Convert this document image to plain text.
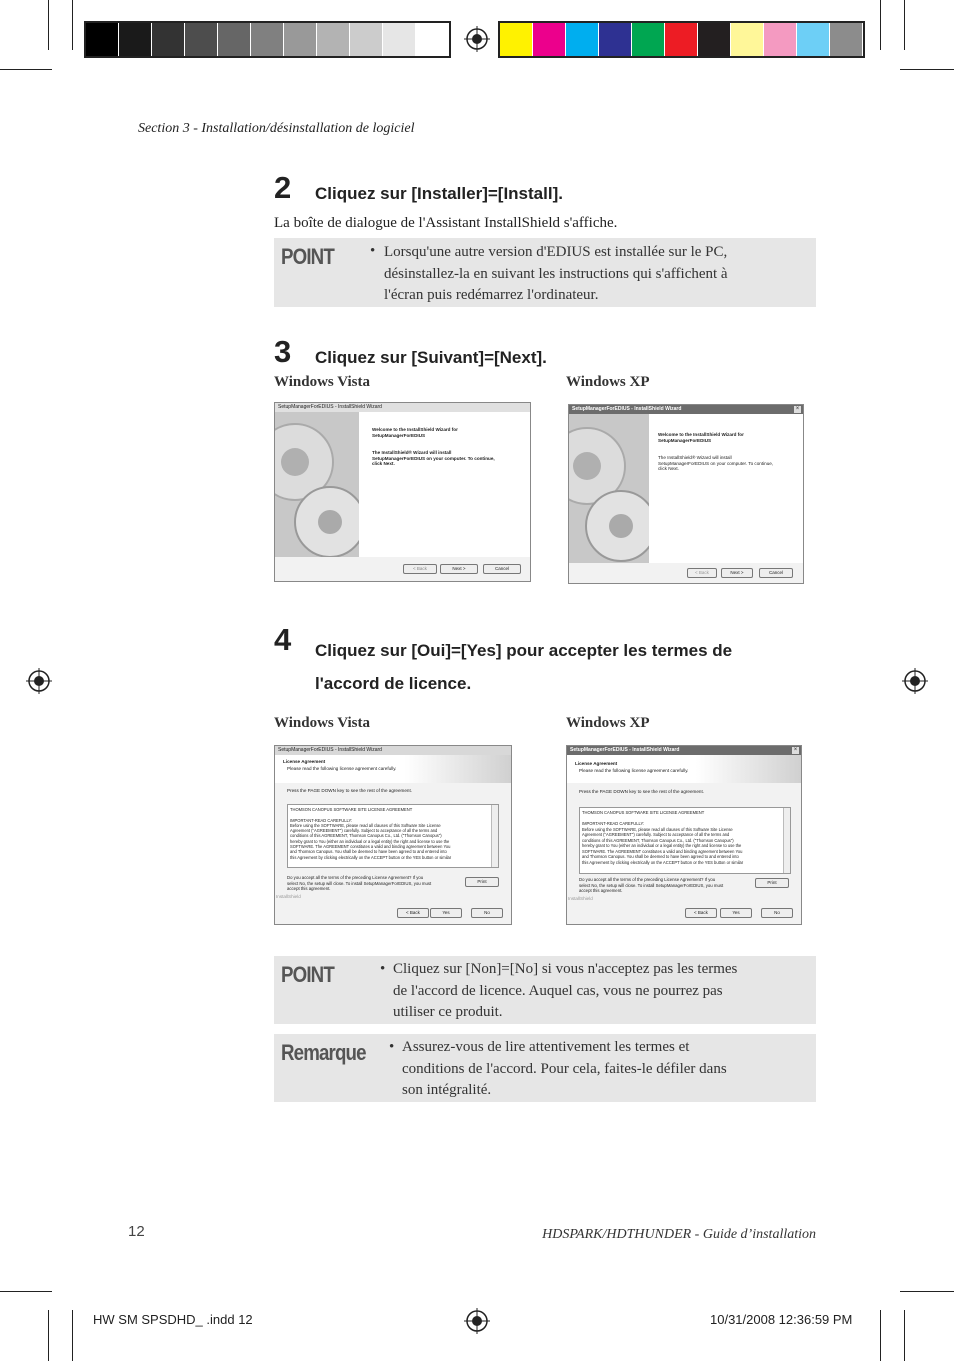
Section 3 - Installation/désinstallation de logiciel
2 Cliquez sur [Installer]=[Install].
La boîte de dialogue de l'Assistant InstallShield s'affiche.
POINT • Lorsqu'une autre version d'EDIUS est installée sur le PC,
désinstallez-la en suivant les instructions qui s'affichent à
l'écran puis redémarrez l'ordinateur.
3 Cliquez sur [Suivant]=[Next].
Windows Vista	Windows XP
SetupManagerForEDIUS - InstallShield Wizard
Welcome to the InstallShield Wizard for
SetupManagerForEDIUS
The InstallShield® Wizard will install
SetupManagerForEDIUS on your computer. To continue,
click Next.
< Back	Next >	Cancel
SetupManagerForEDIUS - InstallShield Wizard	×
Welcome to the InstallShield Wizard for
SetupManagerForEDIUS
The InstallShield® Wizard will install
SetupManagerForEDIUS on your computer. To continue,
click Next.
< Back	Next >	Cancel
4 Cliquez sur [Oui]=[Yes] pour accepter les termes de
l'accord de licence.
Windows Vista	Windows XP
SetupManagerForEDIUS - InstallShield Wizard
License Agreement
Please read the following license agreement carefully.
Press the PAGE DOWN key to see the rest of the agreement.
THOMSON CANOPUS SOFTWARE SITE LICENSE AGREEMENT

IMPORTANT-READ CAREFULLY:
Before using the SOFTWARE, please read all clauses of this Software Site License
Agreement ("AGREEMENT") carefully. Subject to acceptance of all the terms and
conditions of this AGREEMENT, Thomson Canopus Co., Ltd. ("Thomson Canopus")
hereby grant to You (either an individual or a legal entity) the right and license to use the
SOFTWARE. The AGREEMENT constitutes a valid and binding agreement between You
and Thomson Canopus. You shall be deemed to have been agreed to and entered into
this Agreement by clicking electrically on the ACCEPT button or the YES button or similar
Do you accept all the terms of the preceding License Agreement? If you
select No, the setup will close. To install SetupManagerForEDIUS, you must
accept this agreement.
Print
InstallShield
< Back	Yes	No
SetupManagerForEDIUS - InstallShield Wizard	×
License Agreement
Please read the following license agreement carefully.
Press the PAGE DOWN key to see the rest of the agreement.
THOMSON CANOPUS SOFTWARE SITE LICENSE AGREEMENT

IMPORTANT-READ CAREFULLY:
Before using the SOFTWARE, please read all clauses of this Software Site License
Agreement ("AGREEMENT") carefully. Subject to acceptance of all the terms and
conditions of this AGREEMENT, Thomson Canopus Co., Ltd. ("Thomson Canopus")
hereby grant to You (either an individual or a legal entity) the right and license to use the
SOFTWARE. The AGREEMENT constitutes a valid and binding agreement between You
and Thomson Canopus. You shall be deemed to have been agreed to and entered into
this Agreement by clicking electrically on the ACCEPT button or the YES button or similar
Do you accept all the terms of the preceding License Agreement? If you
select No, the setup will close. To install SetupManagerForEDIUS, you must
accept this agreement.
Print
InstallShield
< Back	Yes	No
POINT	• Cliquez sur [Non]=[No] si vous n'acceptez pas les termes
de l'accord de licence. Auquel cas, vous ne pourrez pas
utiliser ce produit.
Remarque • Assurez-vous de lire attentivement les termes et
conditions de l'accord. Pour cela, faites-le défiler dans
son intégralité.
12	HDSPARK/HDTHUNDER - Guide d’installation
HW SM SPSDHD_ .indd 12	10/31/2008 12:36:59 PM
